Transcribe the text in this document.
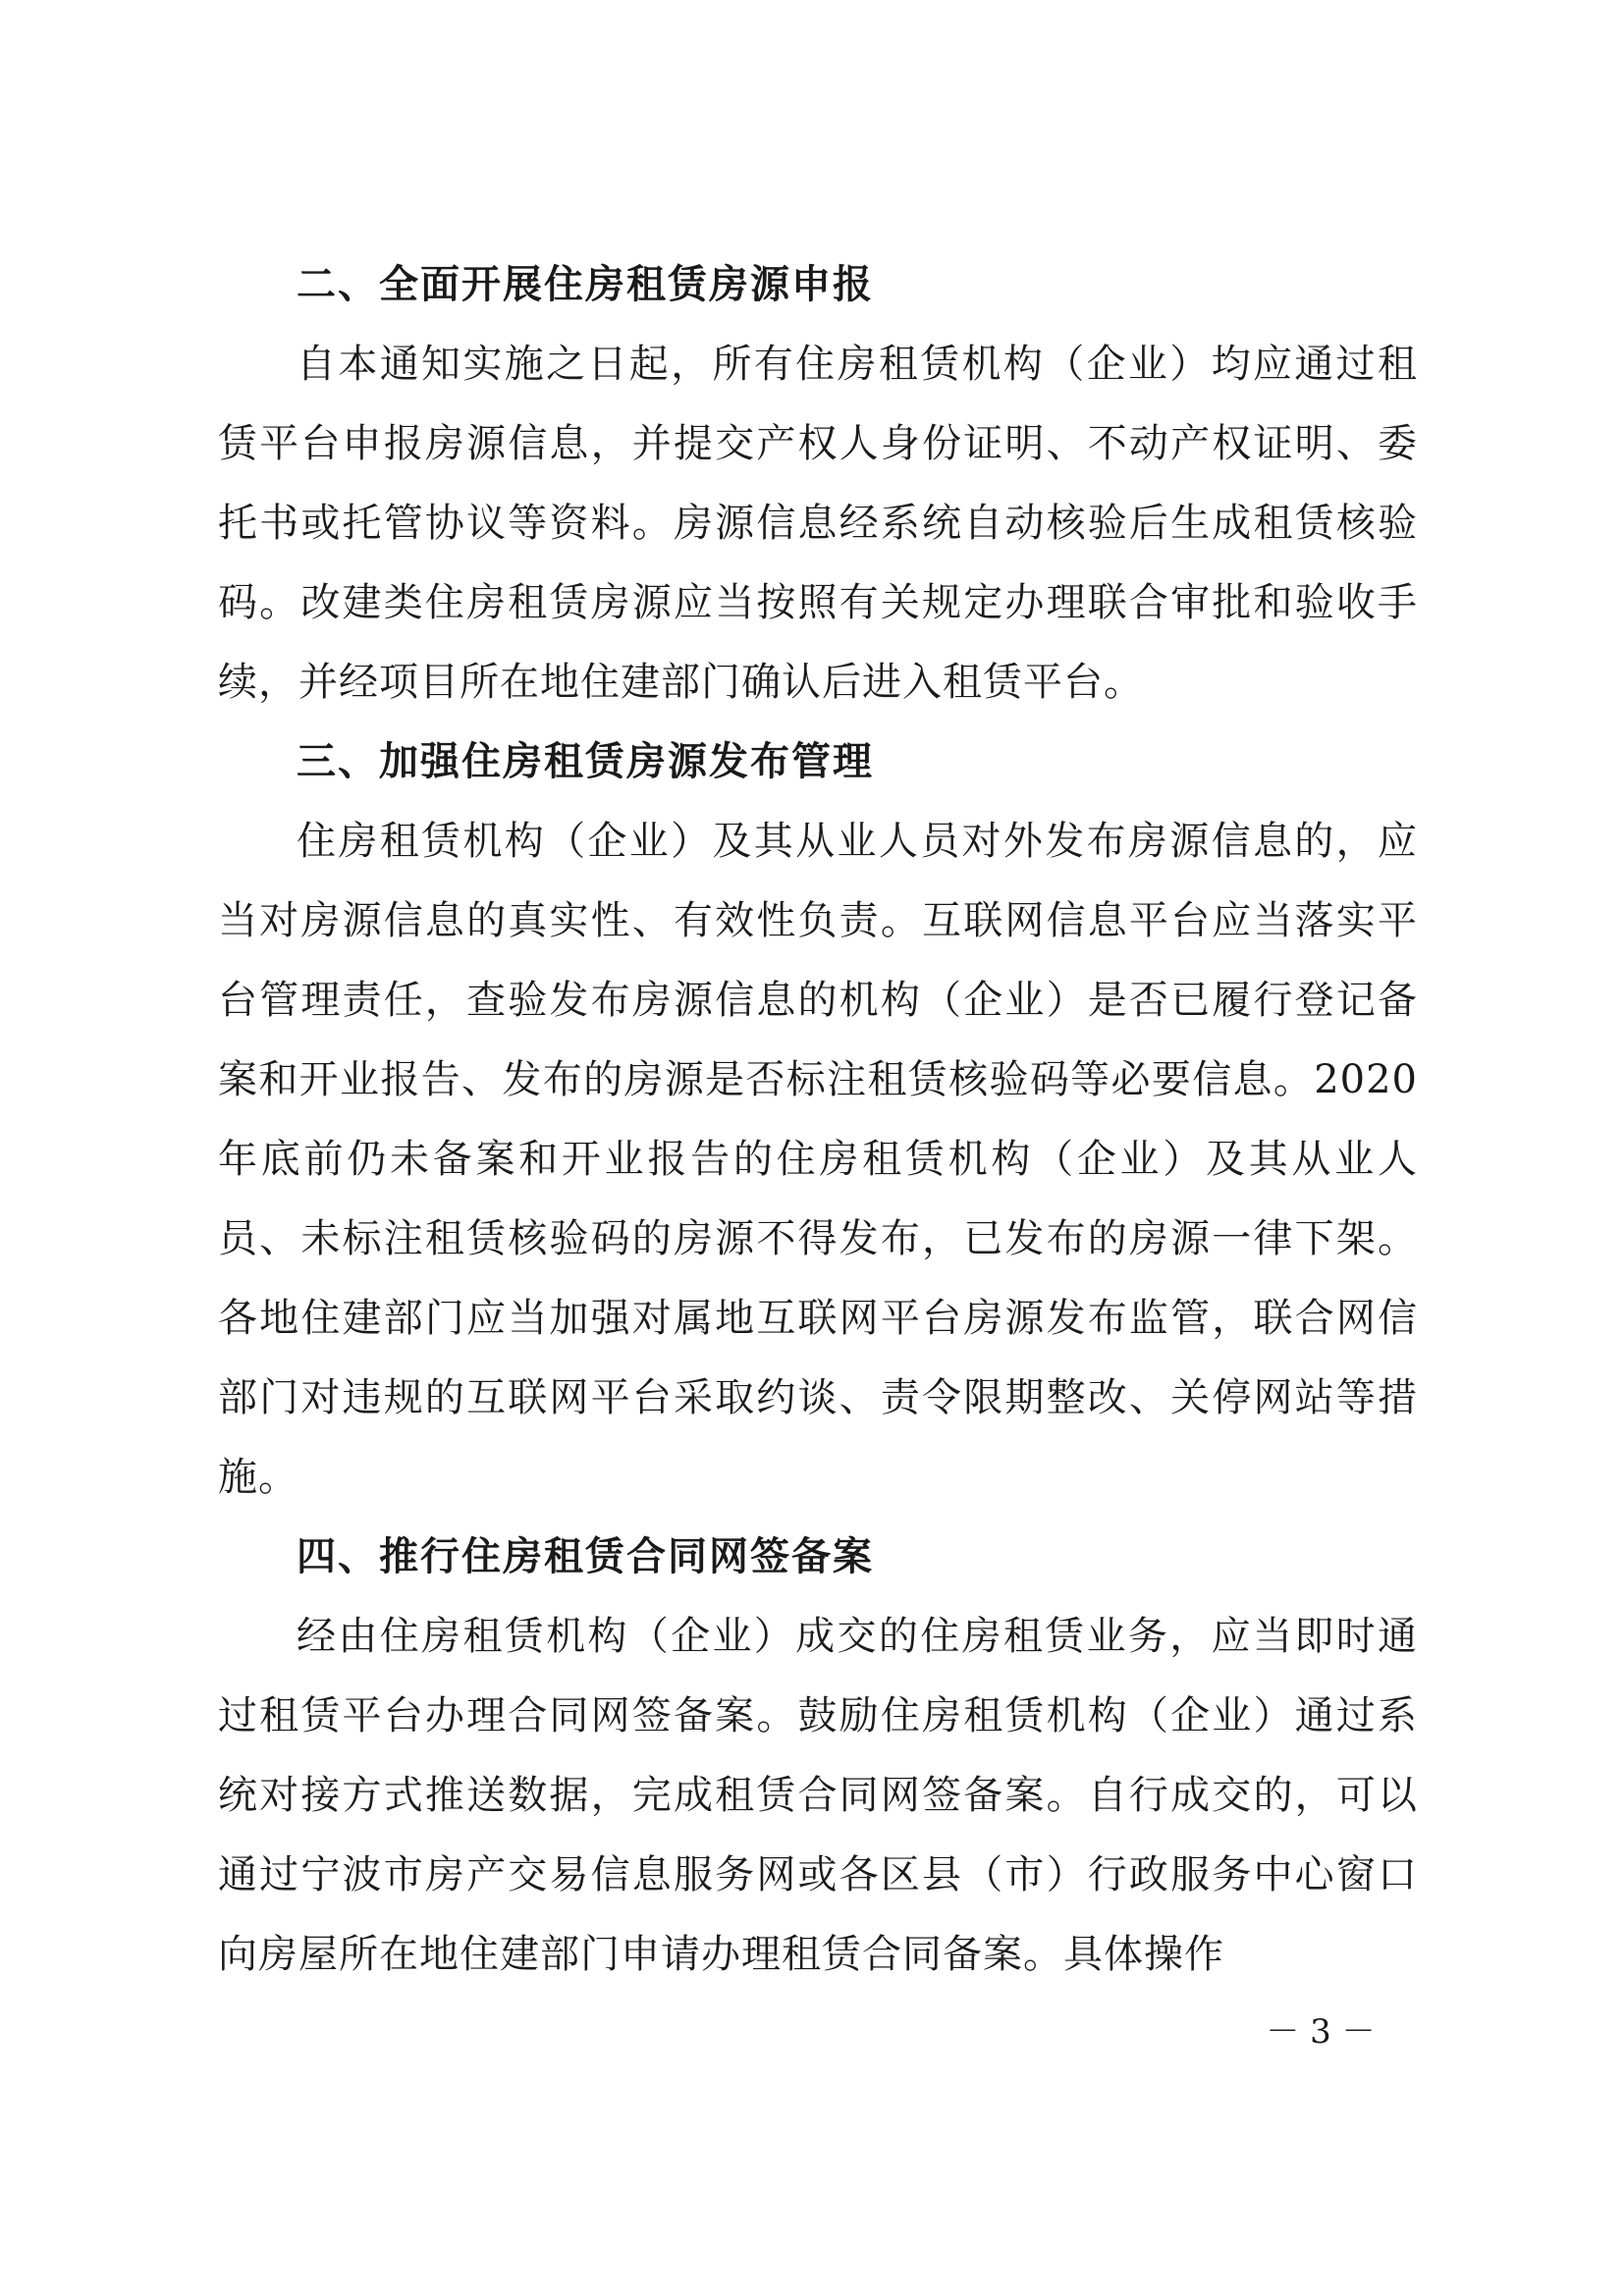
二、全面开展住房租赁房源申报

自本通知实施之日起，所有住房租赁机构（企业）均应通过租赁平台申报房源信息，并提交产权人身份证明、不动产权证明、委托书或托管协议等资料。房源信息经系统自动核验后生成租赁核验码。改建类住房租赁房源应当按照有关规定办理联合审批和验收手续，并经项目所在地住建部门确认后进入租赁平台。

三、加强住房租赁房源发布管理

住房租赁机构（企业）及其从业人员对外发布房源信息的，应当对房源信息的真实性、有效性负责。互联网信息平台应当落实平台管理责任，查验发布房源信息的机构（企业）是否已履行登记备案和开业报告、发布的房源是否标注租赁核验码等必要信息。2020年底前仍未备案和开业报告的住房租赁机构（企业）及其从业人员、未标注租赁核验码的房源不得发布，已发布的房源一律下架。各地住建部门应当加强对属地互联网平台房源发布监管，联合网信部门对违规的互联网平台采取约谈、责令限期整改、关停网站等措施。

四、推行住房租赁合同网签备案

经由住房租赁机构（企业）成交的住房租赁业务，应当即时通过租赁平台办理合同网签备案。鼓励住房租赁机构（企业）通过系统对接方式推送数据，完成租赁合同网签备案。自行成交的，可以通过宁波市房产交易信息服务网或各区县（市）行政服务中心窗口向房屋所在地住建部门申请办理租赁合同备案。具体操作

－ 3 －
